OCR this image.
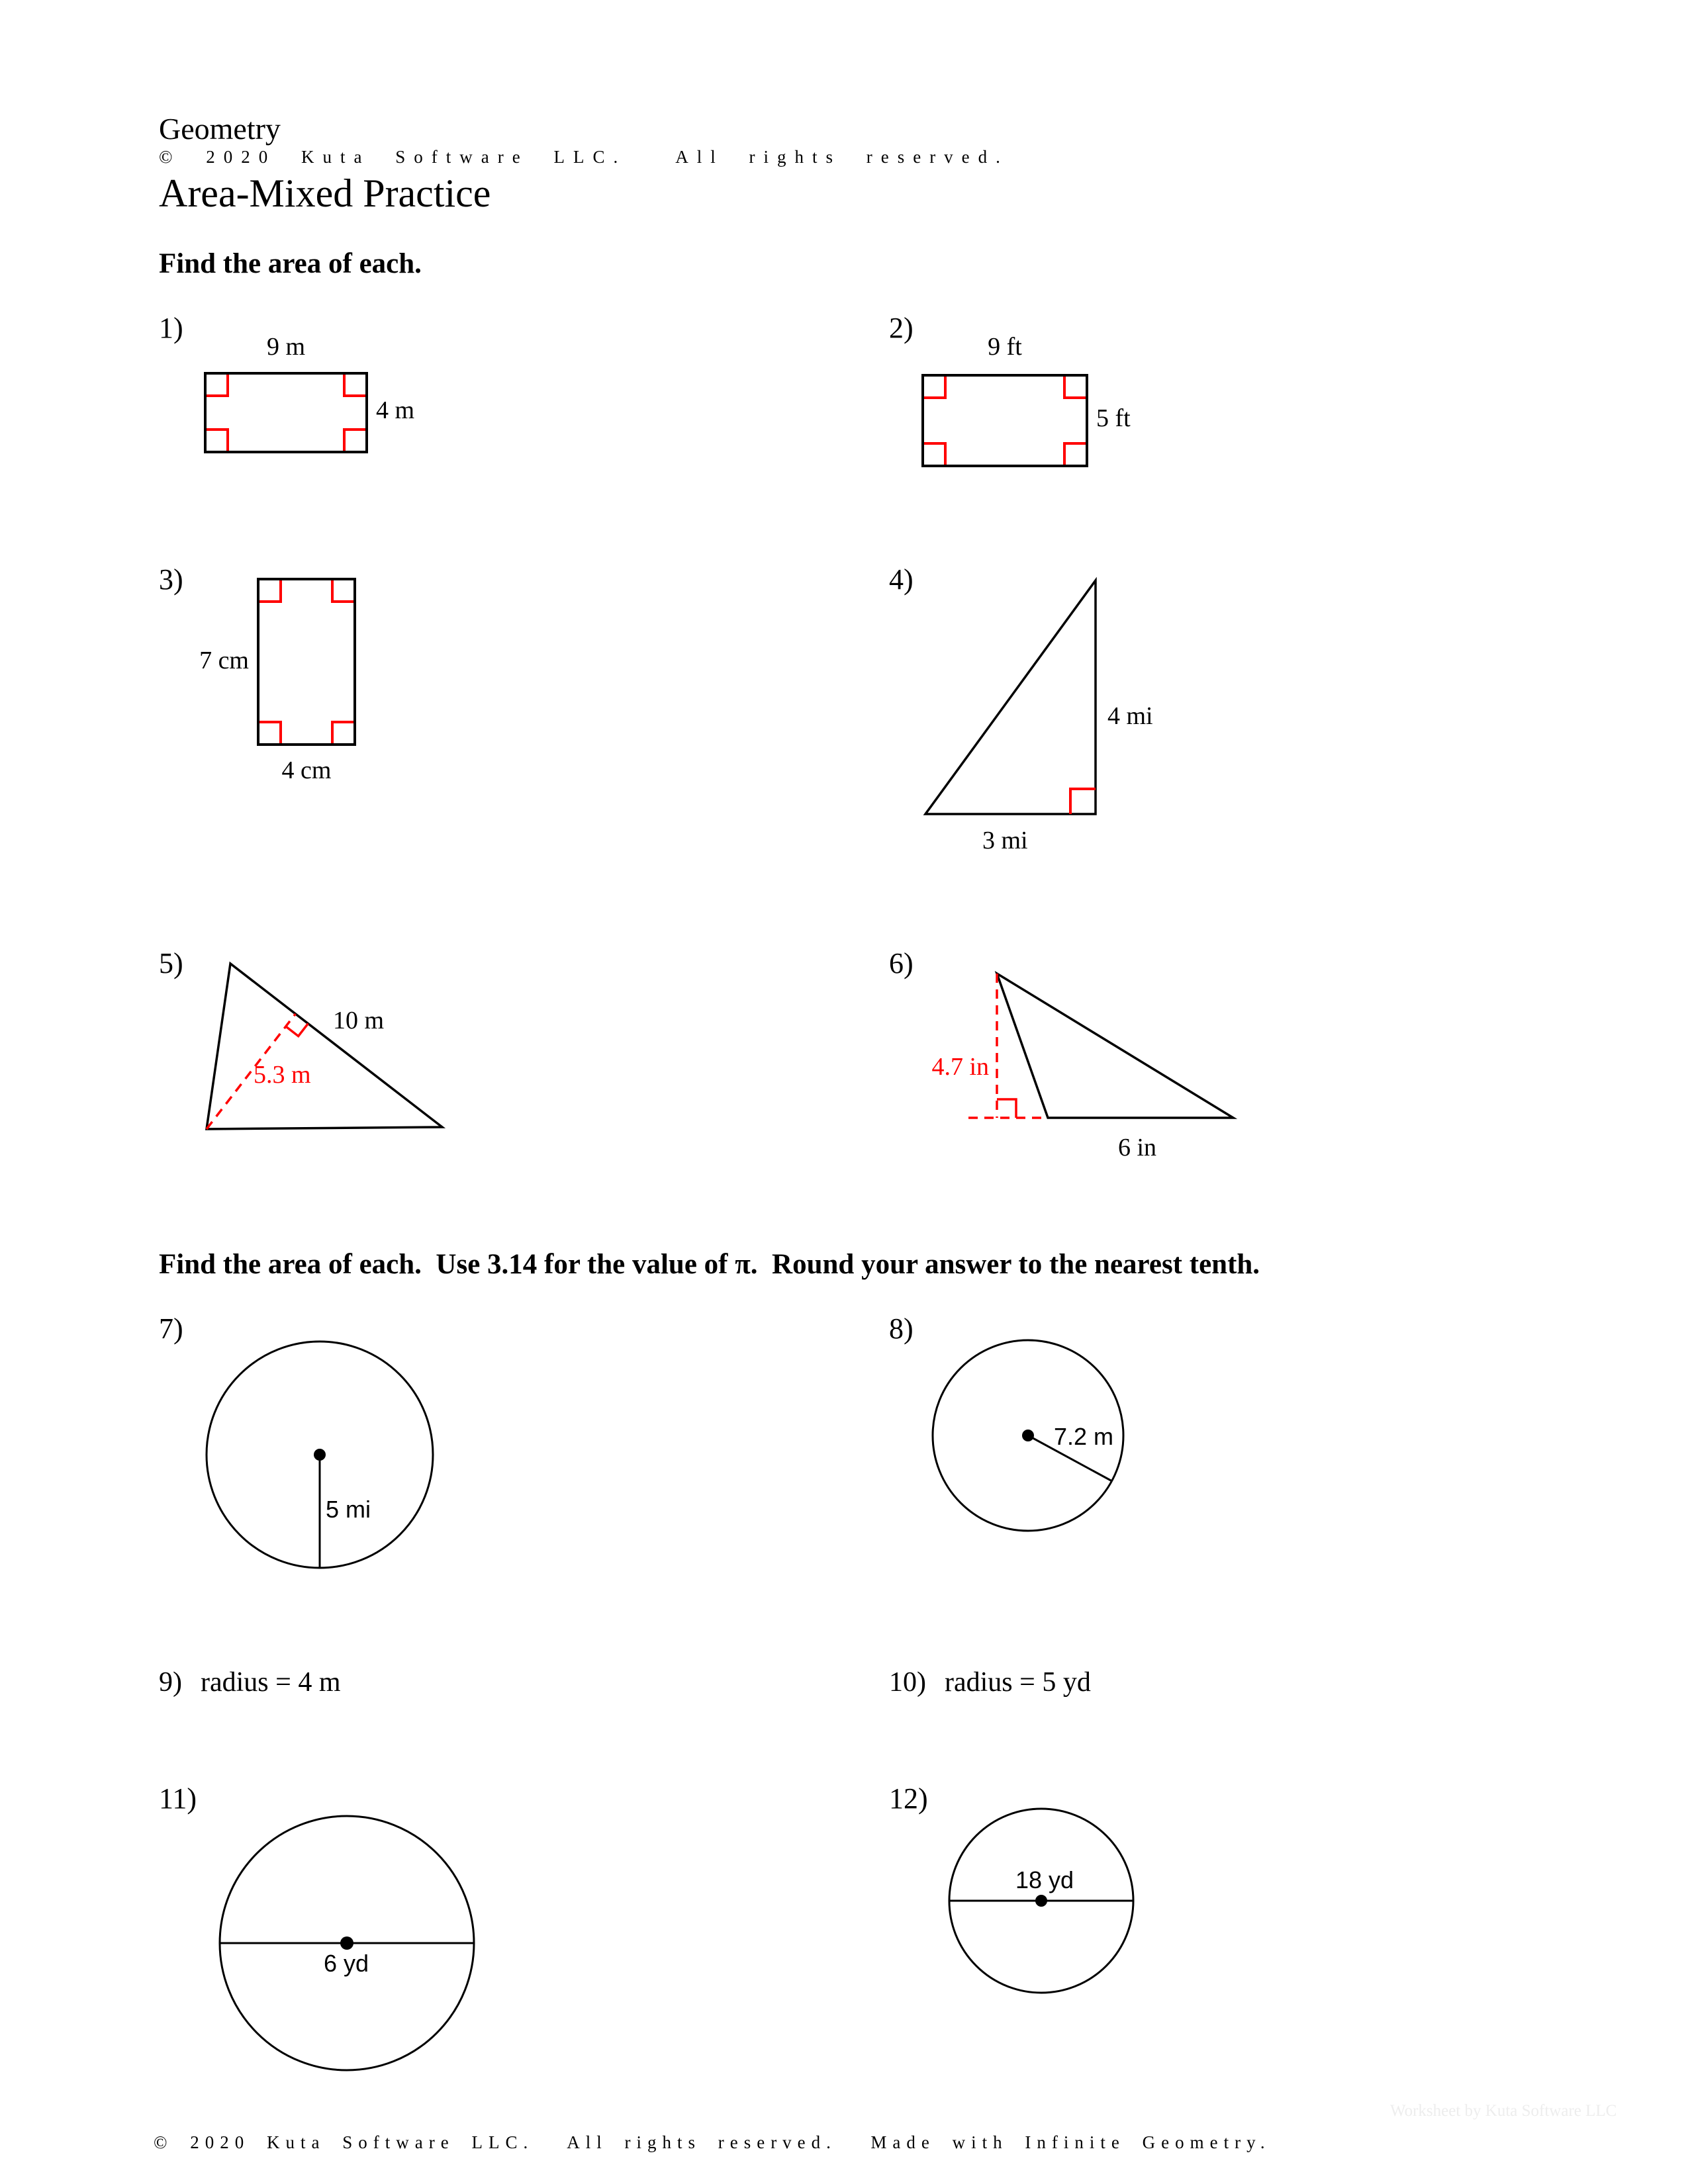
Geometry
© 2020 Kuta Software LLC.  All rights reserved.
Area-Mixed Practice
Find the area of each.
1)
9 m
4 m
2)
9 ft
5 ft
3)
7 cm
4 cm
4)
4 mi
3 mi
5)
10 m
5.3 m
6)
4.7 in
6 in
Find the area of each.  Use 3.14 for the value of π.  Round your answer to the nearest tenth.
7)
5 mi
8)
7.2 m
9) radius = 4 m	10) radius = 5 yd
11)
6 yd
12)
18 yd
Worksheet by Kuta Software LLC
© 2020 Kuta Software LLC.  All rights reserved.  Made with Infinite Geometry.
